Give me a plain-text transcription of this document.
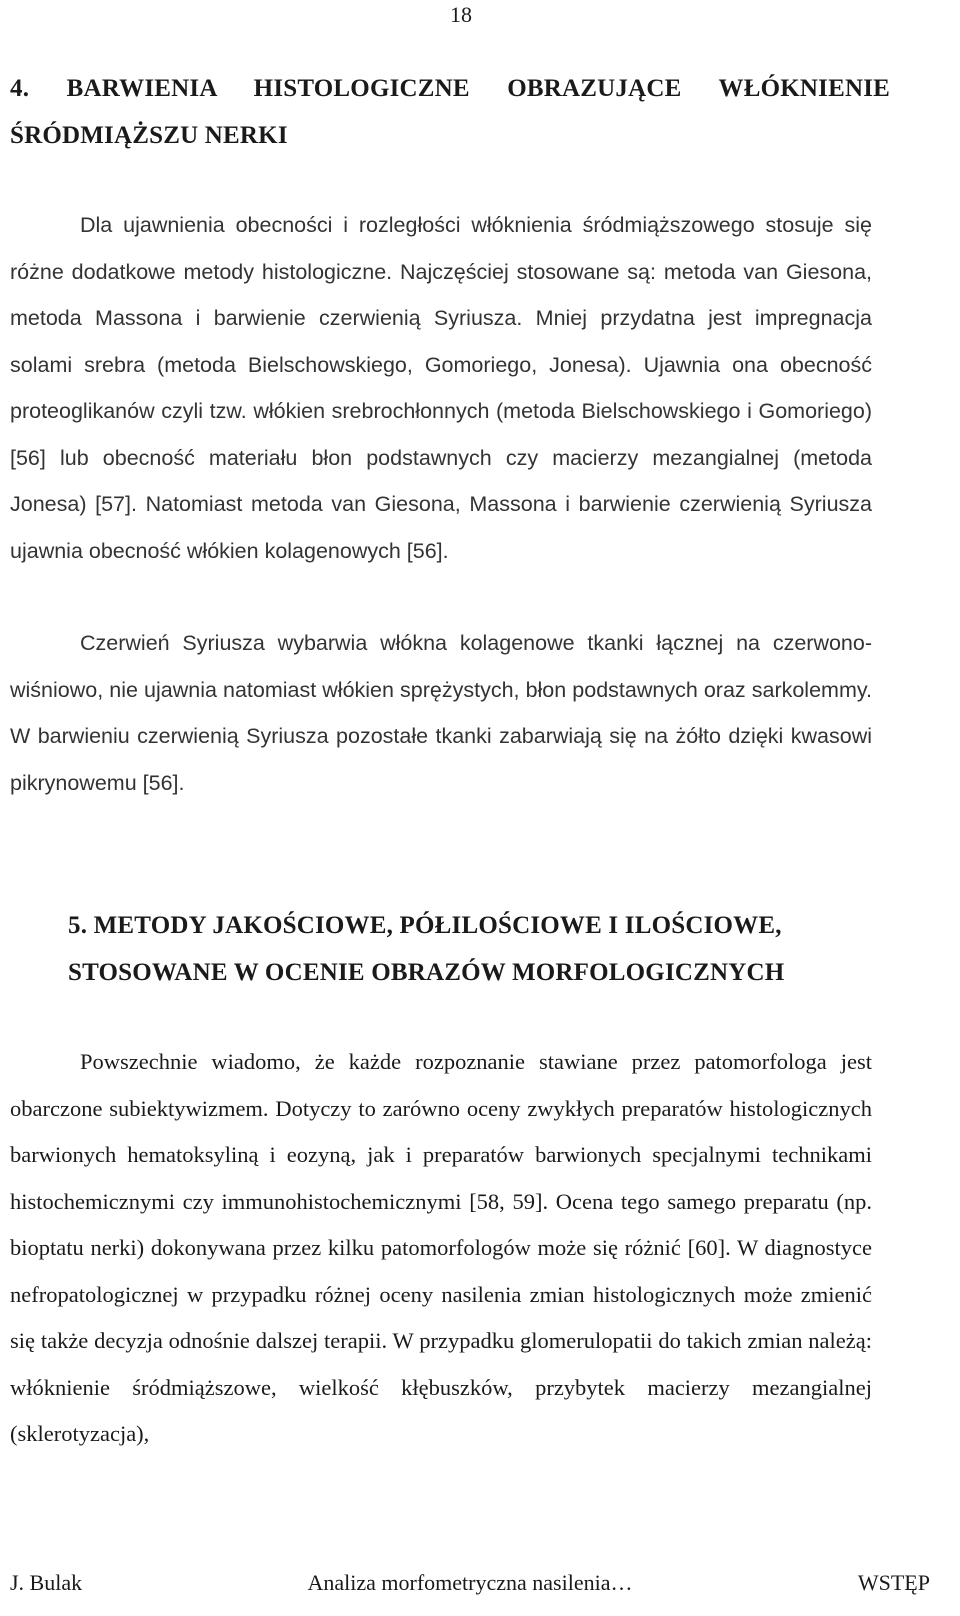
18
4. BARWIENIA HISTOLOGICZNE OBRAZUJĄCE WŁÓKNIENIE ŚRÓDMIĄŻSZU NERKI

Dla ujawnienia obecności i rozległości włóknienia śródmiąższowego stosuje się różne dodatkowe metody histologiczne. Najczęściej stosowane są: metoda van Giesona, metoda Massona i barwienie czerwienią Syriusza. Mniej przydatna jest impregnacja solami srebra (metoda Bielschowskiego, Gomoriego, Jonesa). Ujawnia ona obecność proteoglikanów czyli tzw. włókien srebrochłonnych (metoda Bielschowskiego i Gomoriego) [56] lub obecność materiału błon podstawnych czy macierzy mezangialnej (metoda Jonesa) [57]. Natomiast metoda van Giesona, Massona i barwienie czerwienią Syriusza ujawnia obecność włókien kolagenowych [56].

Czerwień Syriusza wybarwia włókna kolagenowe tkanki łącznej na czerwono-wiśniowo, nie ujawnia natomiast włókien sprężystych, błon podstawnych oraz sarkolemmy. W barwieniu czerwienią Syriusza pozostałe tkanki zabarwiają się na żółto dzięki kwasowi pikrynowemu [56].

5. METODY JAKOŚCIOWE, PÓŁILOŚCIOWE I ILOŚCIOWE, STOSOWANE W OCENIE OBRAZÓW MORFOLOGICZNYCH

Powszechnie wiadomo, że każde rozpoznanie stawiane przez patomorfologa jest obarczone subiektywizmem. Dotyczy to zarówno oceny zwykłych preparatów histologicznych barwionych hematoksyliną i eozyną, jak i preparatów barwionych specjalnymi technikami histochemicznymi czy immunohistochemicznymi [58, 59]. Ocena tego samego preparatu (np. bioptatu nerki) dokonywana przez kilku patomorfologów może się różnić [60]. W diagnostyce nefropatologicznej w przypadku różnej oceny nasilenia zmian histologicznych może zmienić się także decyzja odnośnie dalszej terapii. W przypadku glomerulopatii do takich zmian należą: włóknienie śródmiąższowe, wielkość kłębuszków, przybytek macierzy mezangialnej (sklerotyzacja),

J. Bulak	Analiza morfometryczna nasilenia…	WSTĘP
